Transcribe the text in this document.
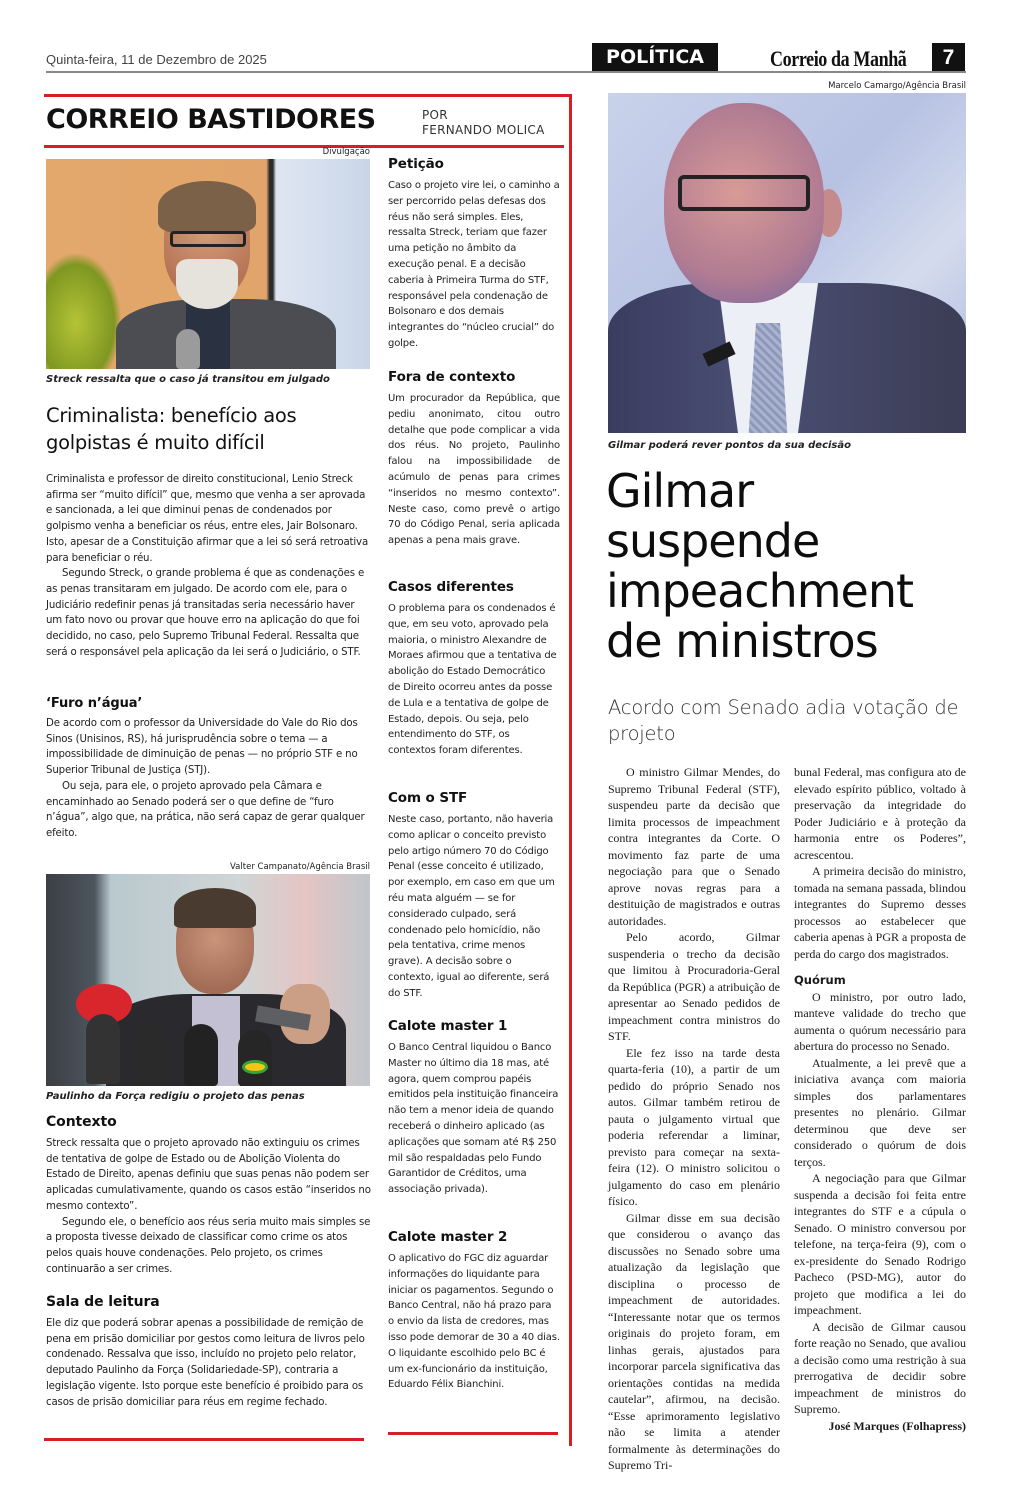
Quinta-feira, 11 de Dezembro de 2025	POLÍTICA	Correio da Manhã	7
CORREIO BASTIDORES	POR
FERNANDO MOLICA
Divulgação
Streck ressalta que o caso já transitou em julgado
Criminalista: benefício aos golpistas é muito difícil

Criminalista e professor de direito constitucional, Lenio Streck afirma ser “muito difícil” que, mesmo que venha a ser aprovada e sancionada, a lei que diminui penas de condenados por golpismo venha a beneficiar os réus, entre eles, Jair Bolsonaro. Isto, apesar de a Constituição afirmar que a lei só será retroativa para beneficiar o réu.

Segundo Streck, o grande problema é que as condenações e as penas transitaram em julgado. De acordo com ele, para o Judiciário redefinir penas já transitadas seria necessário haver um fato novo ou provar que houve erro na aplicação do que foi decidido, no caso, pelo Supremo Tribunal Federal. Ressalta que será o responsável pela aplicação da lei será o Judiciário, o STF.

‘Furo n’água’

De acordo com o professor da Universidade do Vale do Rio dos Sinos (Unisinos, RS), há jurisprudência sobre o tema — a impossibilidade de diminuição de penas — no próprio STF e no Superior Tribunal de Justiça (STJ).

Ou seja, para ele, o projeto aprovado pela Câmara e encaminhado ao Senado poderá ser o que define de “furo n’água”, algo que, na prática, não será capaz de gerar qualquer efeito.

Valter Campanato/Agência Brasil
Paulinho da Força redigiu o projeto das penas
Contexto

Streck ressalta que o projeto aprovado não extinguiu os crimes de tentativa de golpe de Estado ou de Abolição Violenta do Estado de Direito, apenas definiu que suas penas não podem ser aplicadas cumulativamente, quando os casos estão “inseridos no mesmo contexto”.

Segundo ele, o benefício aos réus seria muito mais simples se a proposta tivesse deixado de classificar como crime os atos pelos quais houve condenações. Pelo projeto, os crimes continuarão a ser crimes.

Sala de leitura

Ele diz que poderá sobrar apenas a possibilidade de remição de pena em prisão domiciliar por gestos como leitura de livros pelo condenado. Ressalva que isso, incluído no projeto pelo relator, deputado Paulinho da Força (Solidariedade-SP), contraria a legislação vigente. Isto porque este benefício é proibido para os casos de prisão domiciliar para réus em regime fechado.

Petição
Caso o projeto vire lei, o caminho a ser percorrido pelas defesas dos réus não será simples. Eles, ressalta Streck, teriam que fazer uma petição no âmbito da execução penal. E a decisão caberia à Primeira Turma do STF, responsável pela condenação de Bolsonaro e dos demais integrantes do “núcleo crucial” do golpe.
Fora de contexto
Um procurador da República, que pediu anonimato, citou outro detalhe que pode complicar a vida dos réus. No projeto, Paulinho falou na impossibilidade de acúmulo de penas para crimes “inseridos no mesmo contexto”. Neste caso, como prevê o artigo 70 do Código Penal, seria aplicada apenas a pena mais grave.
Casos diferentes
O problema para os condenados é que, em seu voto, aprovado pela maioria, o ministro Alexandre de Moraes afirmou que a tentativa de abolição do Estado Democrático de Direito ocorreu antes da posse de Lula e a tentativa de golpe de Estado, depois. Ou seja, pelo entendimento do STF, os contextos foram diferentes.
Com o STF
Neste caso, portanto, não haveria como aplicar o conceito previsto pelo artigo número 70 do Código Penal (esse conceito é utilizado, por exemplo, em caso em que um réu mata alguém — se for considerado culpado, será condenado pelo homicídio, não pela tentativa, crime menos grave). A decisão sobre o contexto, igual ao diferente, será do STF.
Calote master 1
O Banco Central liquidou o Banco Master no último dia 18 mas, até agora, quem comprou papéis emitidos pela instituição financeira não tem a menor ideia de quando receberá o dinheiro aplicado (as aplicações que somam até R$ 250 mil são respaldadas pelo Fundo Garantidor de Créditos, uma associação privada).
Calote master 2
O aplicativo do FGC diz aguardar informações do liquidante para iniciar os pagamentos. Segundo o Banco Central, não há prazo para o envio da lista de credores, mas isso pode demorar de 30 a 40 dias. O liquidante escolhido pelo BC é um ex-funcionário da instituição, Eduardo Félix Bianchini.
Marcelo Camargo/Agência Brasil
Gilmar poderá rever pontos da sua decisão
Gilmar suspende impeachment de ministros
Acordo com Senado adia votação de projeto

O ministro Gilmar Mendes, do Supremo Tribunal Federal (STF), suspendeu parte da decisão que limita processos de impeachment contra integrantes da Corte. O movimento faz parte de uma negociação para que o Senado aprove novas regras para a destituição de magistrados e outras autoridades.

Pelo acordo, Gilmar suspenderia o trecho da decisão que limitou à Procuradoria-Geral da República (PGR) a atribuição de apresentar ao Senado pedidos de impeachment contra ministros do STF.

Ele fez isso na tarde desta quarta-feria (10), a partir de um pedido do próprio Senado nos autos. Gilmar também retirou de pauta o julgamento virtual que poderia referendar a liminar, previsto para começar na sexta-feira (12). O ministro solicitou o julgamento do caso em plenário físico.

Gilmar disse em sua decisão que considerou o avanço das discussões no Senado sobre uma atualização da legislação que disciplina o processo de impeachment de autoridades. “Interessante notar que os termos originais do projeto foram, em linhas gerais, ajustados para incorporar parcela significativa das orientações contidas na medida cautelar”, afirmou, na decisão. “Esse aprimoramento legislativo não se limita a atender formalmente às determinações do Supremo Tri-

bunal Federal, mas configura ato de elevado espírito público, voltado à preservação da integridade do Poder Judiciário e à proteção da harmonia entre os Poderes”, acrescentou.

A primeira decisão do ministro, tomada na semana passada, blindou integrantes do Supremo desses processos ao estabelecer que caberia apenas à PGR a proposta de perda do cargo dos magistrados.

Quórum

O ministro, por outro lado, manteve validade do trecho que aumenta o quórum necessário para abertura do processo no Senado.

Atualmente, a lei prevê que a iniciativa avança com maioria simples dos parlamentares presentes no plenário. Gilmar determinou que deve ser considerado o quórum de dois terços.

A negociação para que Gilmar suspenda a decisão foi feita entre integrantes do STF e a cúpula o Senado. O ministro conversou por telefone, na terça-feira (9), com o ex-presidente do Senado Rodrigo Pacheco (PSD-MG), autor do projeto que modifica a lei do impeachment.

A decisão de Gilmar causou forte reação no Senado, que avaliou a decisão como uma restrição à sua prerrogativa de decidir sobre impeachment de ministros do Supremo.

José Marques (Folhapress)
